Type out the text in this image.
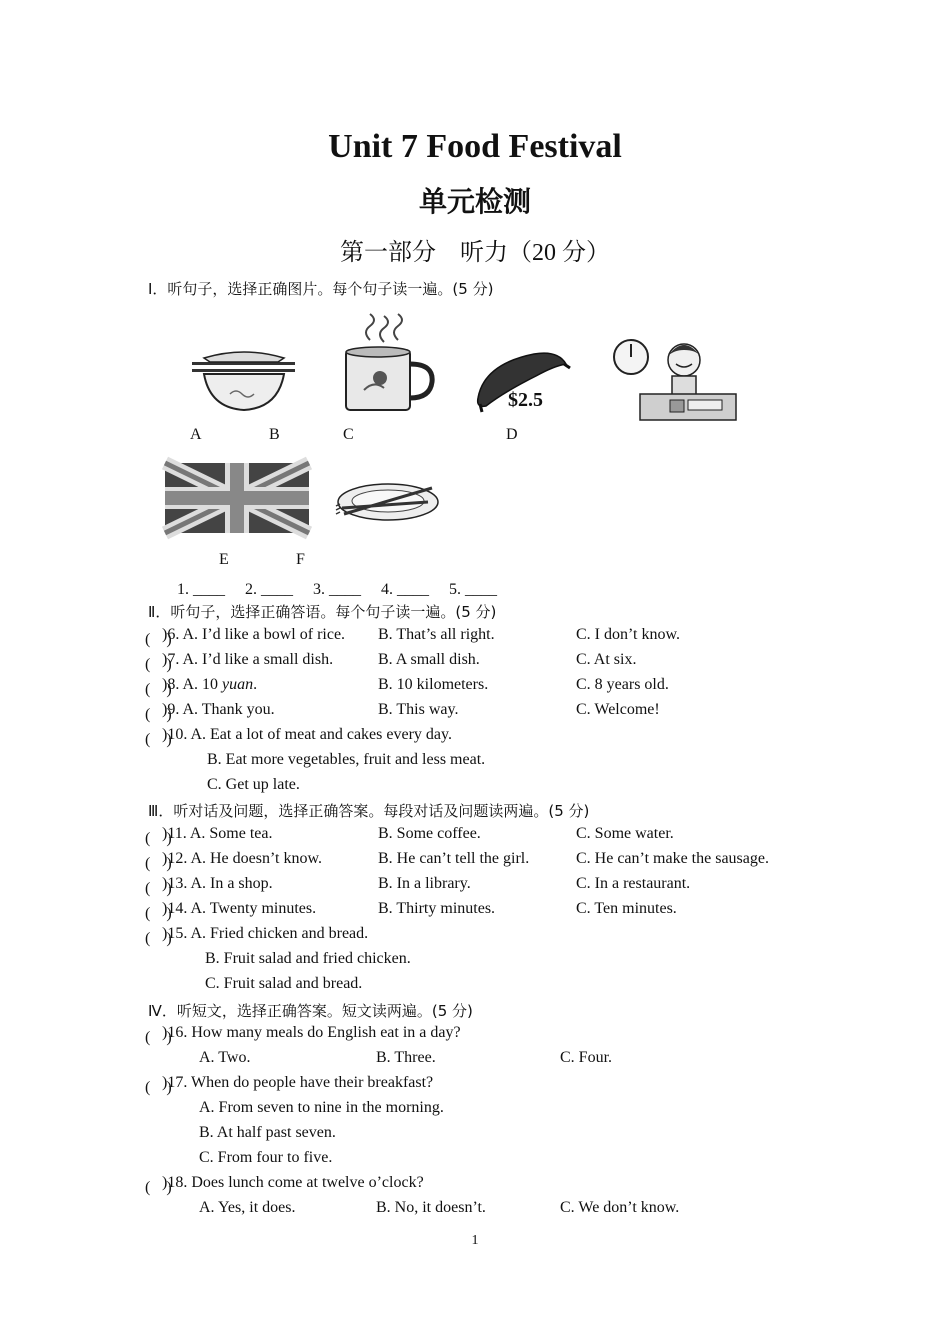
Unit 7 Food Festival
单元检测
第一部分　听力（20 分）
Ⅰ．听句子，选择正确图片。每个句子读一遍。(5 分)
$2.5
A	B	C	D
E	F
1. ____　 2. ____　 3. ____　 4. ____　 5. ____
Ⅱ．听句子，选择正确答语。每个句子读一遍。(5 分)
(　)
)6. A. I’d like a bowl of rice. B. That’s all right.	C. I don’t know.
(　)
)7. A. I’d like a small dish.	B. A small dish.	C. At six.
(　)
)8. A. 10 yuan.	B. 10 kilometers.	C. 8 years old.
(　)
)9. A. Thank you.	B. This way.	C. Welcome!
(　)
)10. A. Eat a lot of meat and cakes every day.
B. Eat more vegetables, fruit and less meat.
C. Get up late.
Ⅲ．听对话及问题，选择正确答案。每段对话及问题读两遍。(5 分)
(　)
)11. A. Some tea.	B. Some coffee.	C. Some water.
(　)
)12. A. He doesn’t know.	B. He can’t tell the girl.	C. He can’t make the sausage.
(　)
)13. A. In a shop.	B. In a library.	C. In a restaurant.
(　)
)14. A. Twenty minutes.	B. Thirty minutes.	C. Ten minutes.
(　)
)15. A. Fried chicken and bread.
B. Fruit salad and fried chicken.
C. Fruit salad and bread.
Ⅳ．听短文，选择正确答案。短文读两遍。(5 分)
(　)
)16. How many meals do English eat in a day?
A. Two.	B. Three.	C. Four.
(　)
)17. When do people have their breakfast?
A. From seven to nine in the morning.
B. At half past seven.
C. From four to five.
(　)
)18. Does lunch come at twelve o’clock?
A. Yes, it does.	B. No, it doesn’t.	C. We don’t know.
1
